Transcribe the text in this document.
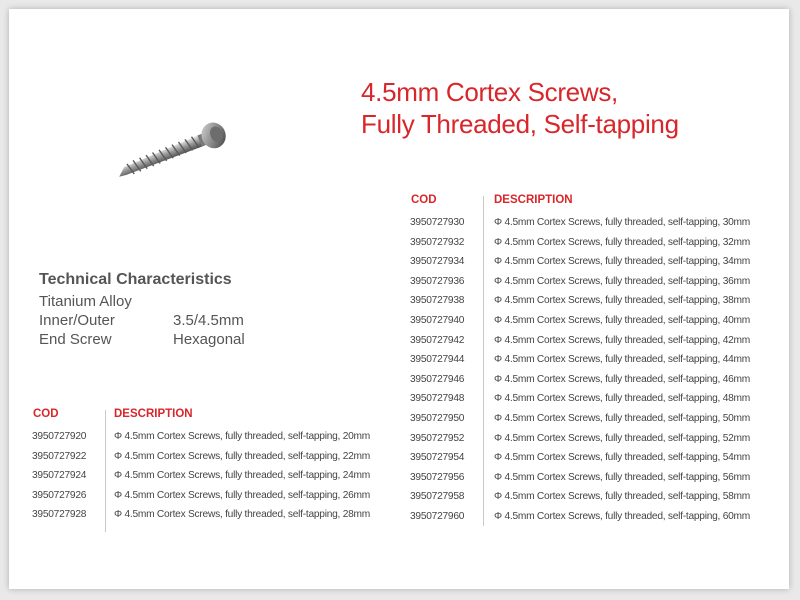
4.5mm Cortex Screws,
Fully Threaded, Self-tapping
Technical Characteristics
Titanium Alloy
Inner/Outer	3.5/4.5mm
End Screw	Hexagonal
COD	DESCRIPTION
3950727920	Φ 4.5mm Cortex Screws, fully threaded, self-tapping, 20mm
3950727922	Φ 4.5mm Cortex Screws, fully threaded, self-tapping, 22mm
3950727924	Φ 4.5mm Cortex Screws, fully threaded, self-tapping, 24mm
3950727926	Φ 4.5mm Cortex Screws, fully threaded, self-tapping, 26mm
3950727928	Φ 4.5mm Cortex Screws, fully threaded, self-tapping, 28mm
COD	DESCRIPTION
3950727930	Φ 4.5mm Cortex Screws, fully threaded, self-tapping, 30mm
3950727932	Φ 4.5mm Cortex Screws, fully threaded, self-tapping, 32mm
3950727934	Φ 4.5mm Cortex Screws, fully threaded, self-tapping, 34mm
3950727936	Φ 4.5mm Cortex Screws, fully threaded, self-tapping, 36mm
3950727938	Φ 4.5mm Cortex Screws, fully threaded, self-tapping, 38mm
3950727940	Φ 4.5mm Cortex Screws, fully threaded, self-tapping, 40mm
3950727942	Φ 4.5mm Cortex Screws, fully threaded, self-tapping, 42mm
3950727944	Φ 4.5mm Cortex Screws, fully threaded, self-tapping, 44mm
3950727946	Φ 4.5mm Cortex Screws, fully threaded, self-tapping, 46mm
3950727948	Φ 4.5mm Cortex Screws, fully threaded, self-tapping, 48mm
3950727950	Φ 4.5mm Cortex Screws, fully threaded, self-tapping, 50mm
3950727952	Φ 4.5mm Cortex Screws, fully threaded, self-tapping, 52mm
3950727954	Φ 4.5mm Cortex Screws, fully threaded, self-tapping, 54mm
3950727956	Φ 4.5mm Cortex Screws, fully threaded, self-tapping, 56mm
3950727958	Φ 4.5mm Cortex Screws, fully threaded, self-tapping, 58mm
3950727960	Φ 4.5mm Cortex Screws, fully threaded, self-tapping, 60mm
